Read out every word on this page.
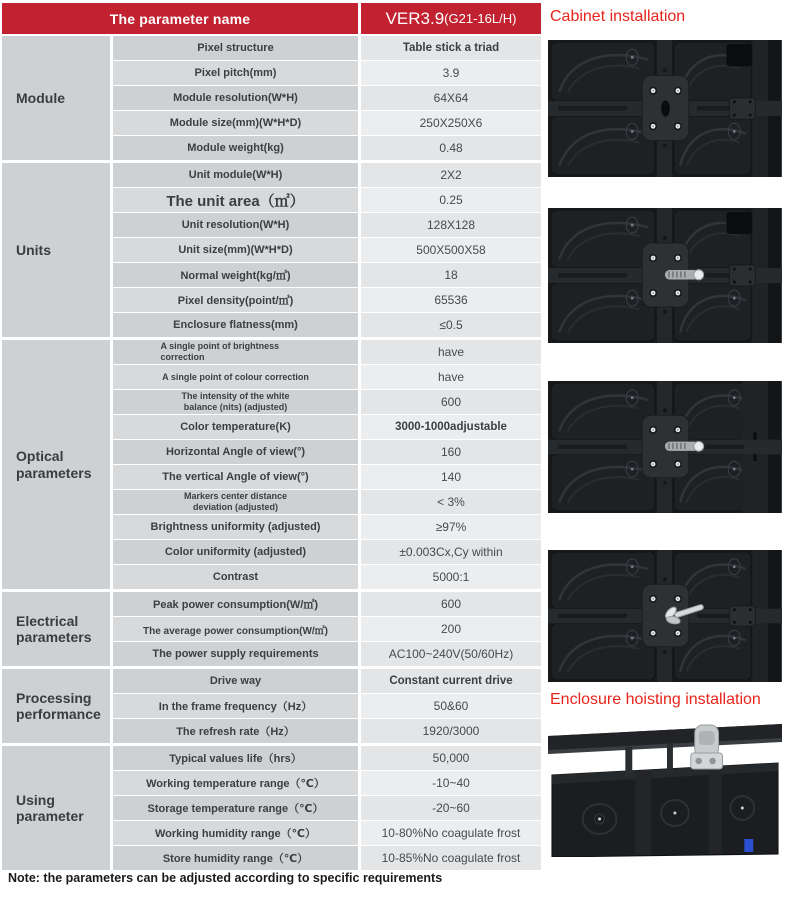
The parameter name	VER3.9 (G21-16L/H)
Module
Pixel structure	Table stick a triad
Pixel pitch(mm)	3.9
Module resolution(W*H)	64X64
Module size(mm)(W*H*D)	250X250X6
Module weight(kg)	0.48
Units
Unit module(W*H)	2X2
The unit area（㎡）	0.25
Unit resolution(W*H)	128X128
Unit size(mm)(W*H*D)	500X500X58
Normal weight(kg/㎡)	18
Pixel density(point/㎡)	65536
Enclosure flatness(mm)	≤0.5
Optical parameters
A single point of brightness correction	have
A single point of colour correction	have
The intensity of the white balance (nits) (adjusted)	600
Color temperature(K)	3000-1000adjustable
Horizontal Angle of view(°)	160
The vertical Angle of view(°)	140
Markers center distance deviation (adjusted)	< 3%
Brightness uniformity (adjusted)	≥97%
Color uniformity (adjusted)	±0.003Cx,Cy within
Contrast	5000:1
Electrical parameters
Peak power consumption(W/㎡)	600
The average power consumption(W/㎡)	200
The power supply requirements	AC100~240V(50/60Hz)
Processing performance
Drive way	Constant current drive
In the frame frequency（Hz）	50&60
The refresh rate（Hz）	1920/3000
Using parameter
Typical values life（hrs）	50,000
Working temperature range（℃）	-10~40
Storage temperature range（℃）	-20~60
Working humidity range（℃）	10-80%No coagulate frost
Store humidity range（℃）	10-85%No coagulate frost
Note: the parameters can be adjusted according to specific requirements
Cabinet installation
Enclosure hoisting installation
